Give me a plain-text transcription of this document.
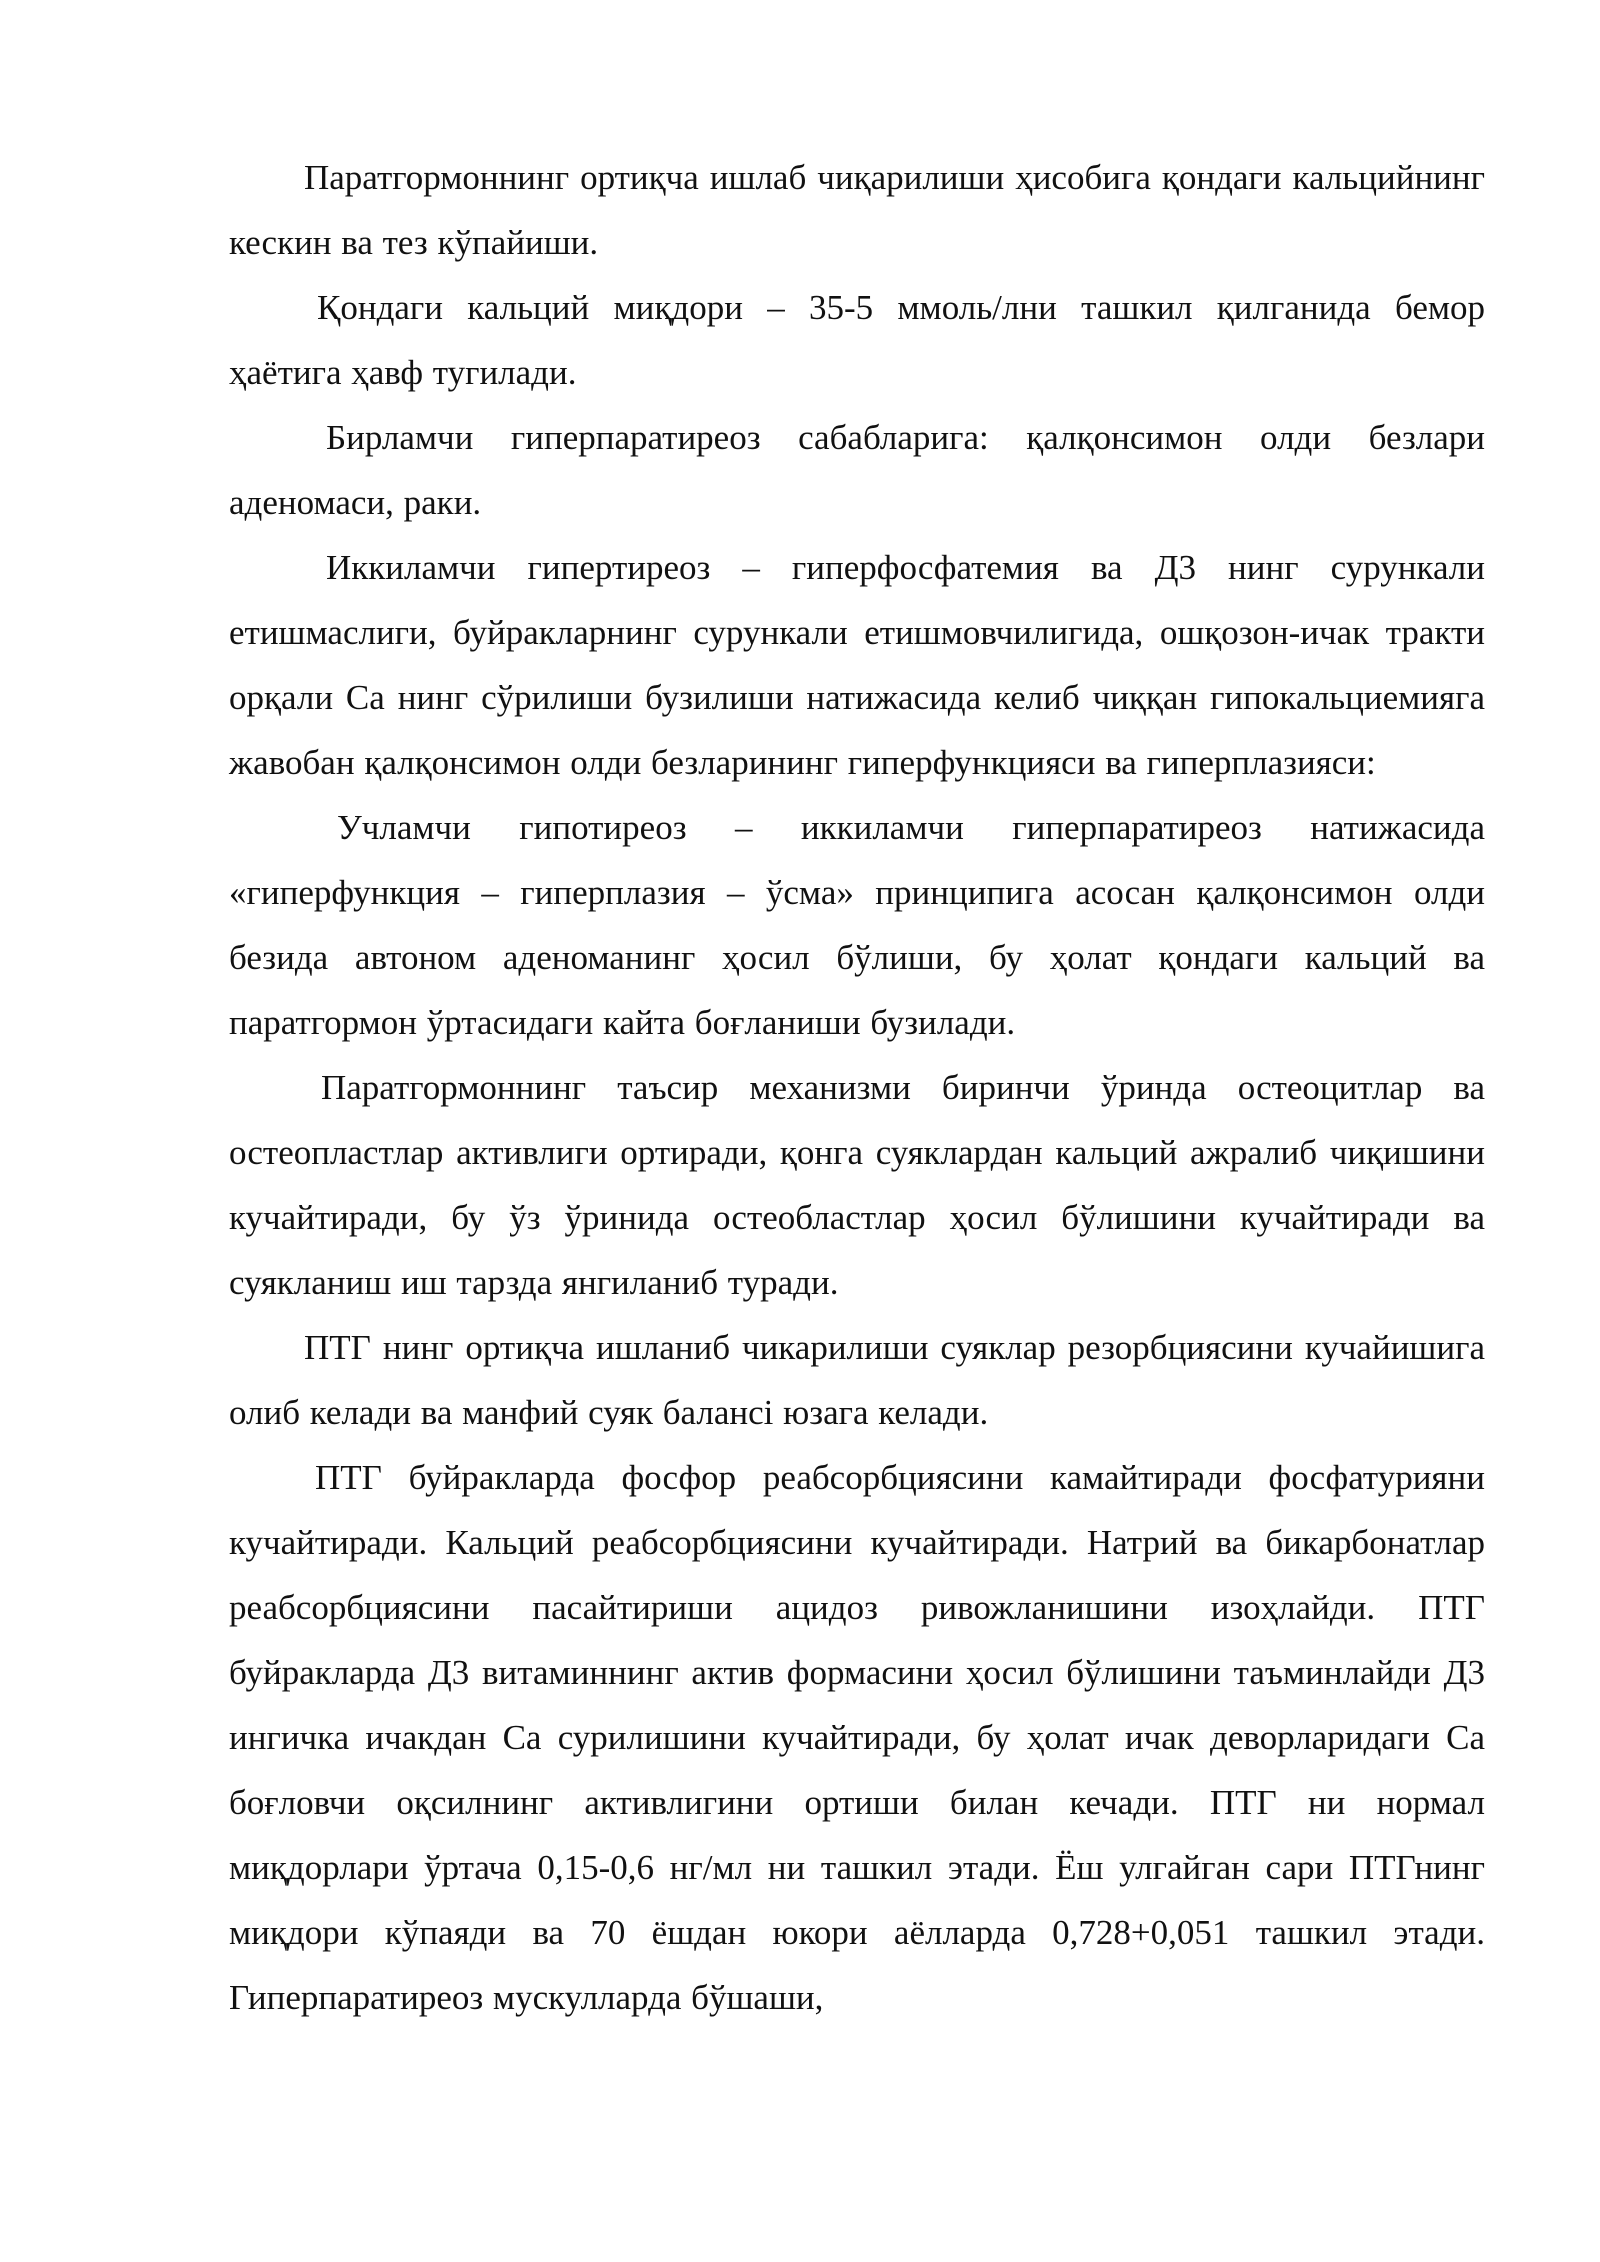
Паратгормоннинг ортиқча ишлаб чиқарилиши ҳисобига қондаги кальцийнинг кескин ва тез кўпайиши.

Қондаги кальций миқдори – 35-5 ммоль/лни ташкил қилганида бемор ҳаётига ҳавф тугилади.

Бирламчи гиперпаратиреоз сабабларига: қалқонсимон олди безлари аденомаси, раки.

Иккиламчи гипертиреоз – гиперфосфатемия ва Д3 нинг сурункали етишмаслиги, буйракларнинг сурункали етишмовчилигида, ошқозон-ичак тракти орқали Са нинг сўрилиши бузилиши натижасида келиб чиққан гипокальциемияга жавобан қалқонсимон олди безларининг гиперфункцияси ва гиперплазияси:

Учламчи гипотиреоз – иккиламчи гиперпаратиреоз натижасида «гиперфункция – гиперплазия – ўсма» принципига асосан қалқонсимон олди безида автоном аденоманинг ҳосил бўлиши, бу ҳолат қондаги кальций ва паратгормон ўртасидаги кайта боғланиши бузилади.

Паратгормоннинг таъсир механизми биринчи ўринда остеоцитлар ва остеопластлар активлиги ортиради, қонга суяклардан кальций ажралиб чиқишини кучайтиради, бу ўз ўринида остеобластлар ҳосил бўлишини кучайтиради ва суякланиш иш тарзда янгиланиб туради.

ПТГ нинг ортиқча ишланиб чикарилиши суяклар резорбциясини кучайишига олиб келади ва манфий суяк балансi юзага келади.

ПТГ буйракларда фосфор реабсорбциясини камайтиради фосфатурияни кучайтиради. Кальций реабсорбциясини кучайтиради. Натрий ва бикарбонатлар реабсорбциясини пасайтириши ацидоз ривожланишини изоҳлайди. ПТГ буйракларда Д3 витаминнинг актив формасини ҳосил бўлишини таъминлайди Д3 ингичка ичакдан Са сурилишини кучайтиради, бу ҳолат ичак деворларидаги Са боғловчи оқсилнинг активлигини ортиши билан кечади. ПТГ ни нормал миқдорлари ўртача 0,15-0,6 нг/мл ни ташкил этади. Ёш улгайган сари ПТГнинг миқдори кўпаяди ва 70 ёшдан юкори аёлларда 0,728+0,051 ташкил этади. Гиперпаратиреоз мускулларда бўшаши,
